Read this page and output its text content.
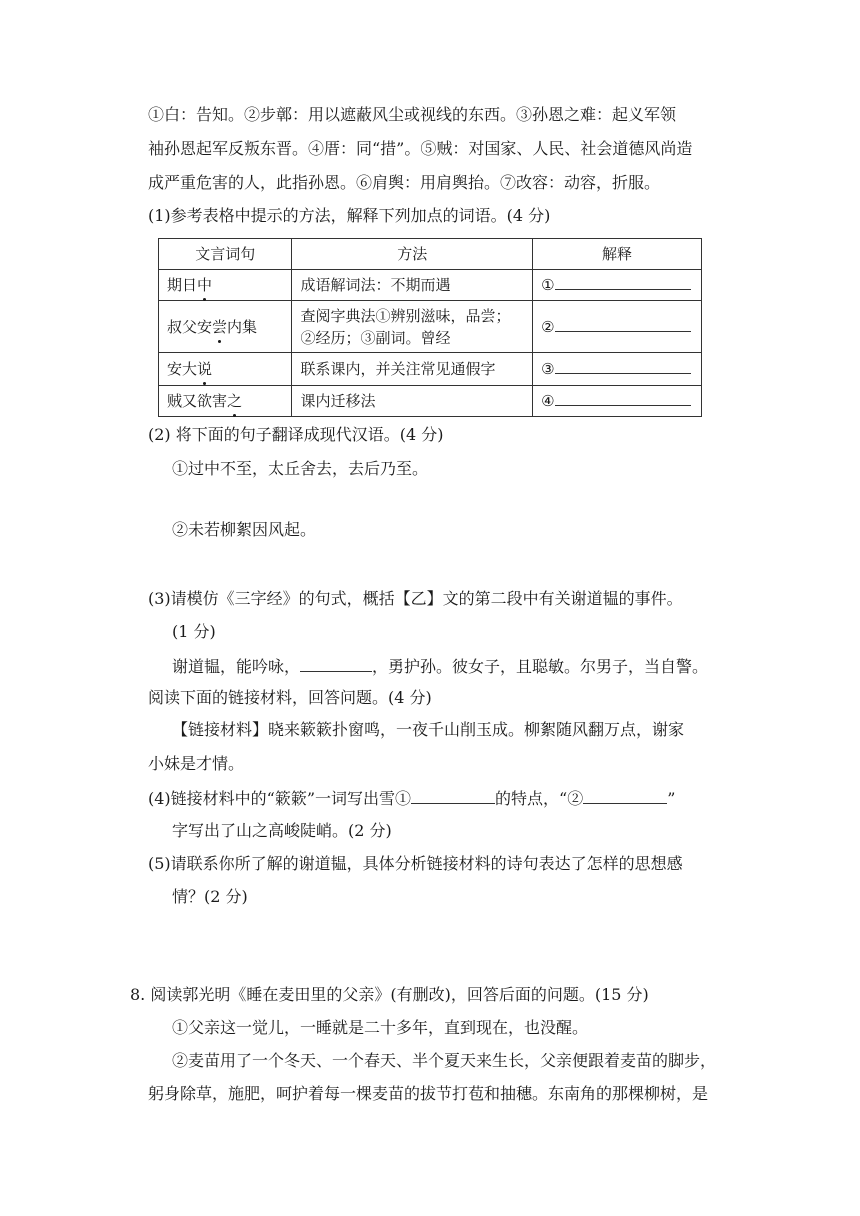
①白：告知。②步鄣：用以遮蔽风尘或视线的东西。③孙恩之难：起义军领
袖孙恩起军反叛东晋。④厝：同“措”。⑤贼：对国家、人民、社会道德风尚造
成严重危害的人，此指孙恩。⑥肩舆：用肩舆抬。⑦改容：动容，折服。
(1)参考表格中提示的方法，解释下列加点的词语。(4 分)
文言词句	方法	解释
期日中	成语解词法：不期而遇	①
叔父安尝内集	查阅字典法①辨别滋味，品尝；②经历；③副词。曾经	②
安大说	联系课内，并关注常见通假字	③
贼又欲害之	课内迁移法	④
(2) 将下面的句子翻译成现代汉语。(4 分)
①过中不至，太丘舍去，去后乃至。
②未若柳絮因风起。
(3)请模仿《三字经》的句式，概括【乙】文的第二段中有关谢道韫的事件。
(1 分)
谢道韫，能吟咏，	，勇护孙。彼女子，且聪敏。尔男子，当自警。
阅读下面的链接材料，回答问题。(4 分)
【链接材料】晓来簌簌扑窗鸣，一夜千山削玉成。柳絮随风翻万点，谢家
小妹是才情。
(4)链接材料中的“簌簌”一词写出雪①	的特点，“②	”
字写出了山之高峻陡峭。(2 分)
(5)请联系你所了解的谢道韫，具体分析链接材料的诗句表达了怎样的思想感
情？(2 分)
8. 阅读郭光明《睡在麦田里的父亲》(有删改)，回答后面的问题。(15 分)
①父亲这一觉儿，一睡就是二十多年，直到现在，也没醒。
②麦苗用了一个冬天、一个春天、半个夏天来生长，父亲便跟着麦苗的脚步，
躬身除草，施肥，呵护着每一棵麦苗的拔节打苞和抽穗。东南角的那棵柳树，是
